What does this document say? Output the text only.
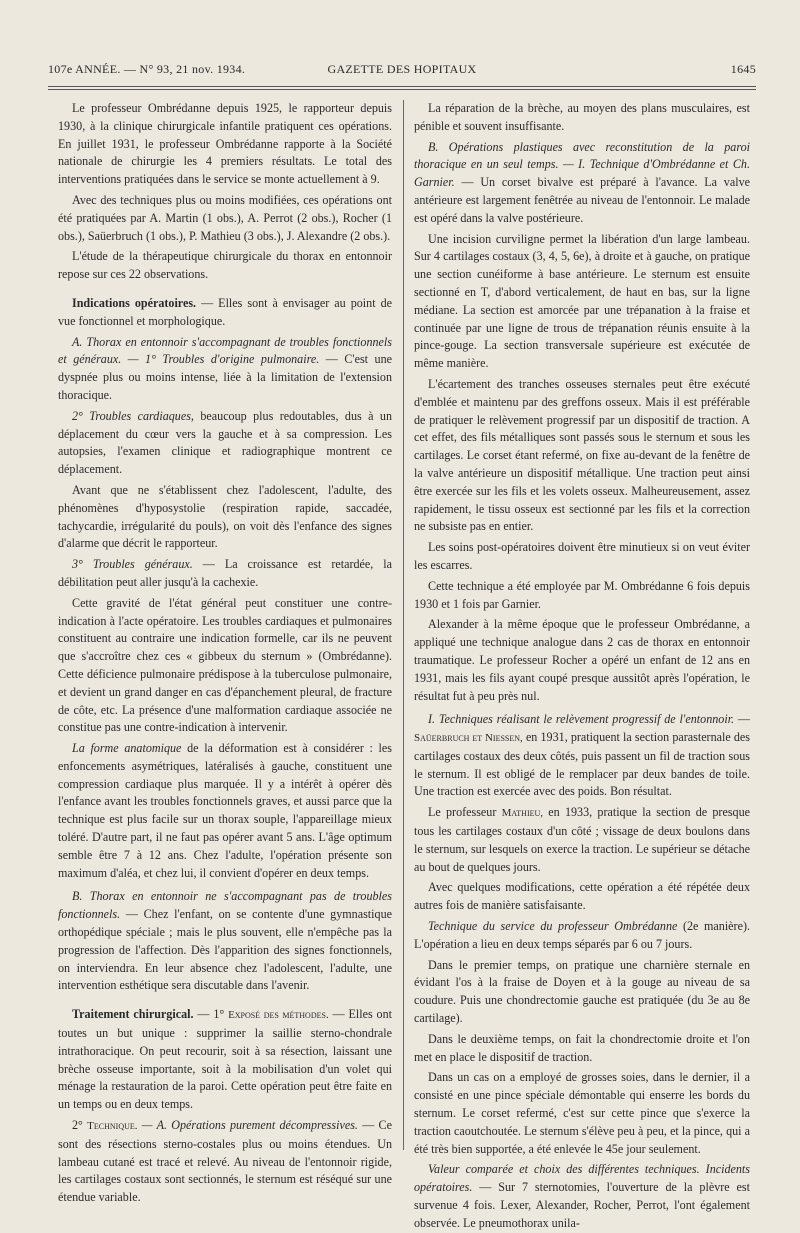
107e ANNÉE. — N° 93, 21 nov. 1934.	GAZETTE DES HOPITAUX	1645

Le professeur Ombrédanne depuis 1925, le rapporteur depuis 1930, à la clinique chirurgicale infantile pratiquent ces opérations. En juillet 1931, le professeur Ombrédanne rapporte à la Société nationale de chirurgie les 4 premiers résultats. Le total des interventions pratiquées dans le service se monte actuellement à 9.

Avec des techniques plus ou moins modifiées, ces opérations ont été pratiquées par A. Martin (1 obs.), A. Perrot (2 obs.), Rocher (1 obs.), Saüerbruch (1 obs.), P. Mathieu (3 obs.), J. Alexandre (2 obs.).

L'étude de la thérapeutique chirurgicale du thorax en entonnoir repose sur ces 22 observations.

Indications opératoires. — Elles sont à envisager au point de vue fonctionnel et morphologique.

A. Thorax en entonnoir s'accompagnant de troubles fonctionnels et généraux. — 1° Troubles d'origine pulmonaire. — C'est une dyspnée plus ou moins intense, liée à la limitation de l'extension thoracique.

2° Troubles cardiaques, beaucoup plus redoutables, dus à un déplacement du cœur vers la gauche et à sa compression. Les autopsies, l'examen clinique et radiographique montrent ce déplacement.

Avant que ne s'établissent chez l'adolescent, l'adulte, des phénomènes d'hyposystolie (respiration rapide, saccadée, tachycardie, irrégularité du pouls), on voit dès l'enfance des signes d'alarme que décrit le rapporteur.

3° Troubles généraux. — La croissance est retardée, la débilitation peut aller jusqu'à la cachexie.

Cette gravité de l'état général peut constituer une contre-indication à l'acte opératoire. Les troubles cardiaques et pulmonaires constituent au contraire une indication formelle, car ils ne peuvent que s'accroître chez ces « gibbeux du sternum » (Ombrédanne). Cette déficience pulmonaire prédispose à la tuberculose pulmonaire, et devient un grand danger en cas d'épanchement pleural, de fracture de côte, etc. La présence d'une malformation cardiaque associée ne constitue pas une contre-indication à intervenir.

La forme anatomique de la déformation est à considérer : les enfoncements asymétriques, latéralisés à gauche, constituent une compression cardiaque plus marquée. Il y a intérêt à opérer dès l'enfance avant les troubles fonctionnels graves, et aussi parce que la technique est plus facile sur un thorax souple, l'appareillage mieux toléré. D'autre part, il ne faut pas opérer avant 5 ans. L'âge optimum semble être 7 à 12 ans. Chez l'adulte, l'opération présente son maximum d'aléa, et chez lui, il convient d'opérer en deux temps.

B. Thorax en entonnoir ne s'accompagnant pas de troubles fonctionnels. — Chez l'enfant, on se contente d'une gymnastique orthopédique spéciale ; mais le plus souvent, elle n'empêche pas la progression de l'affection. Dès l'apparition des signes fonctionnels, on interviendra. En leur absence chez l'adolescent, l'adulte, une intervention esthétique sera discutable dans l'avenir.

Traitement chirurgical. — 1° Exposé des méthodes. — Elles ont toutes un but unique : supprimer la saillie sterno-chondrale intrathoracique. On peut recourir, soit à sa résection, laissant une brèche osseuse importante, soit à la mobilisation d'un volet qui ménage la restauration de la paroi. Cette opération peut être faite en un temps ou en deux temps.

2° Technique. — A. Opérations purement décompressives. — Ce sont des résections sterno-costales plus ou moins étendues. Un lambeau cutané est tracé et relevé. Au niveau de l'entonnoir rigide, les cartilages costaux sont sectionnés, le sternum est réséqué sur une étendue variable.

La réparation de la brèche, au moyen des plans musculaires, est pénible et souvent insuffisante.

B. Opérations plastiques avec reconstitution de la paroi thoracique en un seul temps. — I. Technique d'Ombrédanne et Ch. Garnier. — Un corset bivalve est préparé à l'avance. La valve antérieure est largement fenêtrée au niveau de l'entonnoir. Le malade est opéré dans la valve postérieure.

Une incision curviligne permet la libération d'un large lambeau. Sur 4 cartilages costaux (3, 4, 5, 6e), à droite et à gauche, on pratique une section cunéiforme à base antérieure. Le sternum est ensuite sectionné en T, d'abord verticalement, de haut en bas, sur la ligne médiane. La section est amorcée par une trépanation à la fraise et continuée par une ligne de trous de trépanation réunis ensuite à la pince-gouge. La section transversale supérieure est exécutée de même manière.

L'écartement des tranches osseuses sternales peut être exécuté d'emblée et maintenu par des greffons osseux. Mais il est préférable de pratiquer le relèvement progressif par un dispositif de traction. A cet effet, des fils métalliques sont passés sous le sternum et sous les cartilages. Le corset étant refermé, on fixe au-devant de la fenêtre de la valve antérieure un dispositif métallique. Une traction peut ainsi être exercée sur les fils et les volets osseux. Malheureusement, assez rapidement, le tissu osseux est sectionné par les fils et la correction ne subsiste pas en entier.

Les soins post-opératoires doivent être minutieux si on veut éviter les escarres.

Cette technique a été employée par M. Ombrédanne 6 fois depuis 1930 et 1 fois par Garnier.

Alexander à la même époque que le professeur Ombrédanne, a appliqué une technique analogue dans 2 cas de thorax en entonnoir traumatique. Le professeur Rocher a opéré un enfant de 12 ans en 1931, mais les fils ayant coupé presque aussitôt après l'opération, le résultat fut à peu près nul.

I. Techniques réalisant le relèvement progressif de l'entonnoir. — Saüerbruch et Niessen, en 1931, pratiquent la section parasternale des cartilages costaux des deux côtés, puis passent un fil de traction sous le sternum. Il est obligé de le remplacer par deux bandes de toile. Une traction est exercée avec des poids. Bon résultat.

Le professeur Mathieu, en 1933, pratique la section de presque tous les cartilages costaux d'un côté ; vissage de deux boulons dans le sternum, sur lesquels on exerce la traction. Le supérieur se détache au bout de quelques jours.

Avec quelques modifications, cette opération a été répétée deux autres fois de manière satisfaisante.

Technique du service du professeur Ombrédanne (2e manière). L'opération a lieu en deux temps séparés par 6 ou 7 jours.

Dans le premier temps, on pratique une charnière sternale en évidant l'os à la fraise de Doyen et à la gouge au niveau de sa coudure. Puis une chondrectomie gauche est pratiquée (du 3e au 8e cartilage).

Dans le deuxième temps, on fait la chondrectomie droite et l'on met en place le dispositif de traction.

Dans un cas on a employé de grosses soies, dans le dernier, il a consisté en une pince spéciale démontable qui enserre les bords du sternum. Le corset refermé, c'est sur cette pince que s'exerce la traction caoutchoutée. Le sternum s'élève peu à peu, et la pince, qui a été très bien supportée, a été enlevée le 45e jour seulement.

Valeur comparée et choix des différentes techniques. Incidents opératoires. — Sur 7 sternotomies, l'ouverture de la plèvre est survenue 4 fois. Lexer, Alexander, Rocher, Perrot, l'ont également observée. Le pneumothorax unila-
